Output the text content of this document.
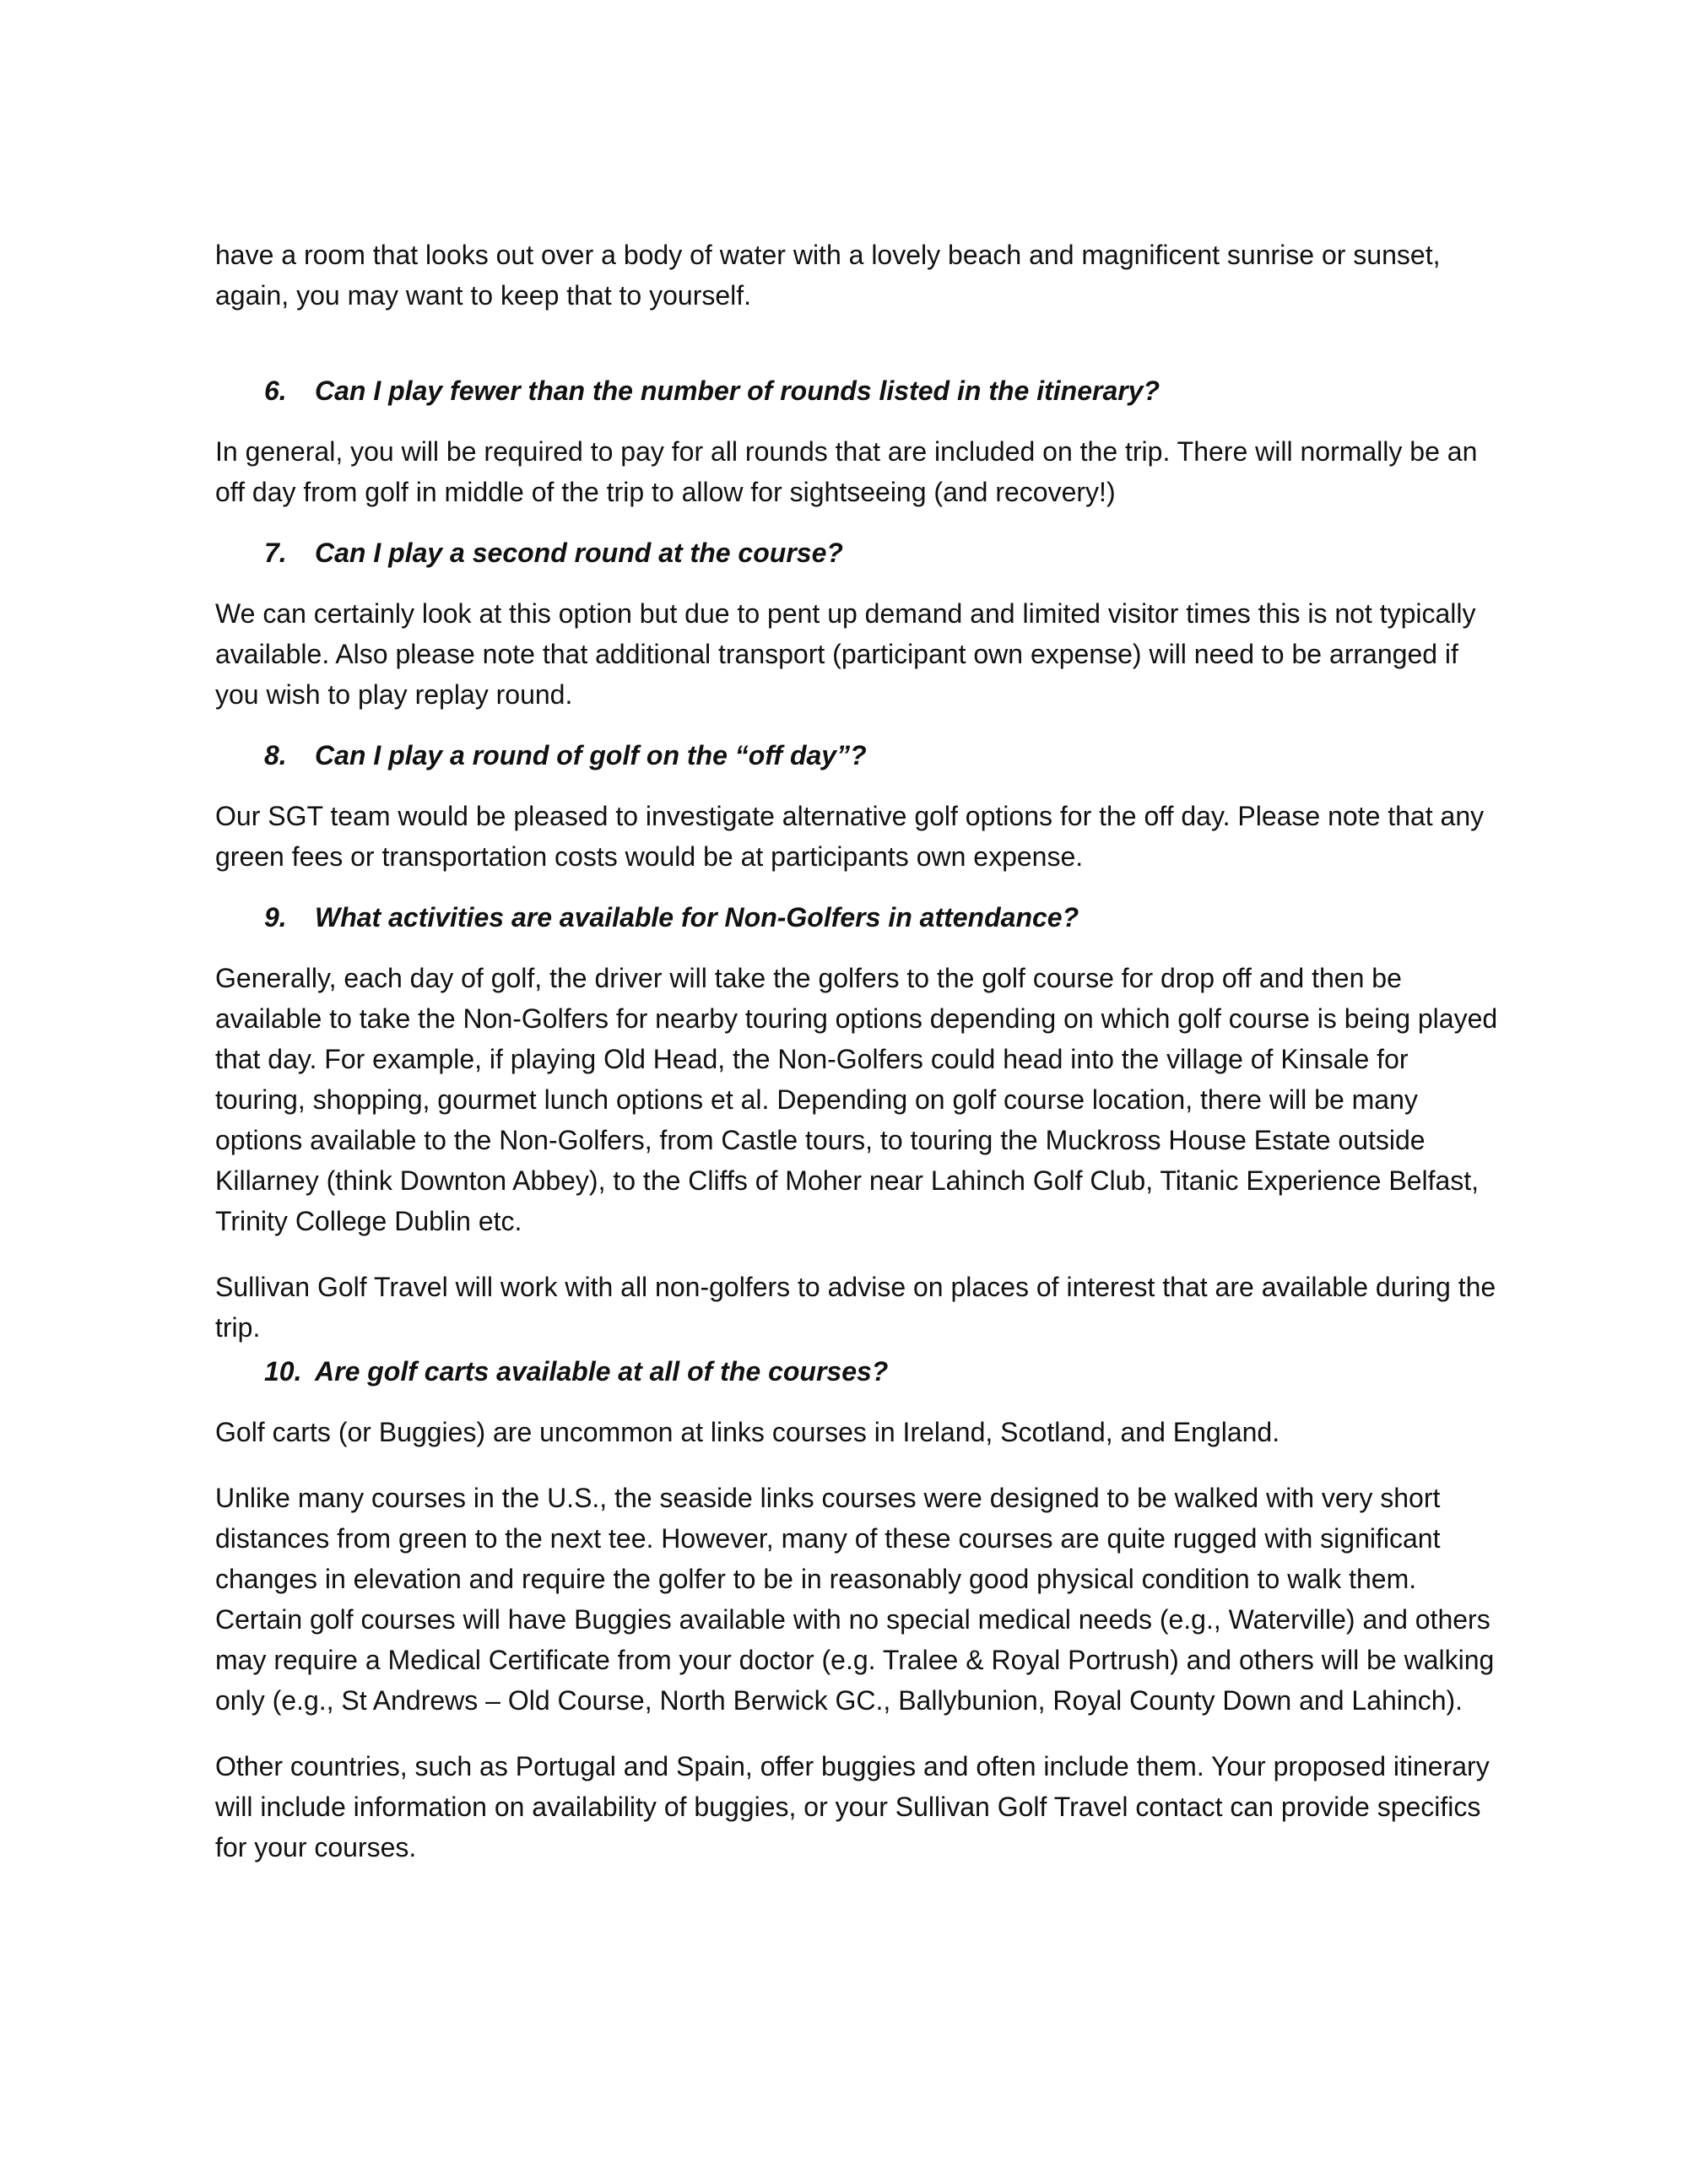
have a room that looks out over a body of water with a lovely beach and magnificent sunrise or sunset, again, you may want to keep that to yourself.

6. Can I play fewer than the number of rounds listed in the itinerary?

In general, you will be required to pay for all rounds that are included on the trip. There will normally be an off day from golf in middle of the trip to allow for sightseeing (and recovery!)

7. Can I play a second round at the course?

We can certainly look at this option but due to pent up demand and limited visitor times this is not typically available. Also please note that additional transport (participant own expense) will need to be arranged if you wish to play replay round.

8. Can I play a round of golf on the “off day”?

Our SGT team would be pleased to investigate alternative golf options for the off day. Please note that any green fees or transportation costs would be at participants own expense.

9. What activities are available for Non-Golfers in attendance?

Generally, each day of golf, the driver will take the golfers to the golf course for drop off and then be available to take the Non-Golfers for nearby touring options depending on which golf course is being played that day. For example, if playing Old Head, the Non-Golfers could head into the village of Kinsale for touring, shopping, gourmet lunch options et al. Depending on golf course location, there will be many options available to the Non-Golfers, from Castle tours, to touring the Muckross House Estate outside Killarney (think Downton Abbey), to the Cliffs of Moher near Lahinch Golf Club, Titanic Experience Belfast, Trinity College Dublin etc.

Sullivan Golf Travel will work with all non-golfers to advise on places of interest that are available during the trip.

10. Are golf carts available at all of the courses?

Golf carts (or Buggies) are uncommon at links courses in Ireland, Scotland, and England.

Unlike many courses in the U.S., the seaside links courses were designed to be walked with very short distances from green to the next tee. However, many of these courses are quite rugged with significant changes in elevation and require the golfer to be in reasonably good physical condition to walk them. Certain golf courses will have Buggies available with no special medical needs (e.g., Waterville) and others may require a Medical Certificate from your doctor (e.g. Tralee & Royal Portrush) and others will be walking only (e.g., St Andrews – Old Course, North Berwick GC., Ballybunion, Royal County Down and Lahinch).

Other countries, such as Portugal and Spain, offer buggies and often include them. Your proposed itinerary will include information on availability of buggies, or your Sullivan Golf Travel contact can provide specifics for your courses.
